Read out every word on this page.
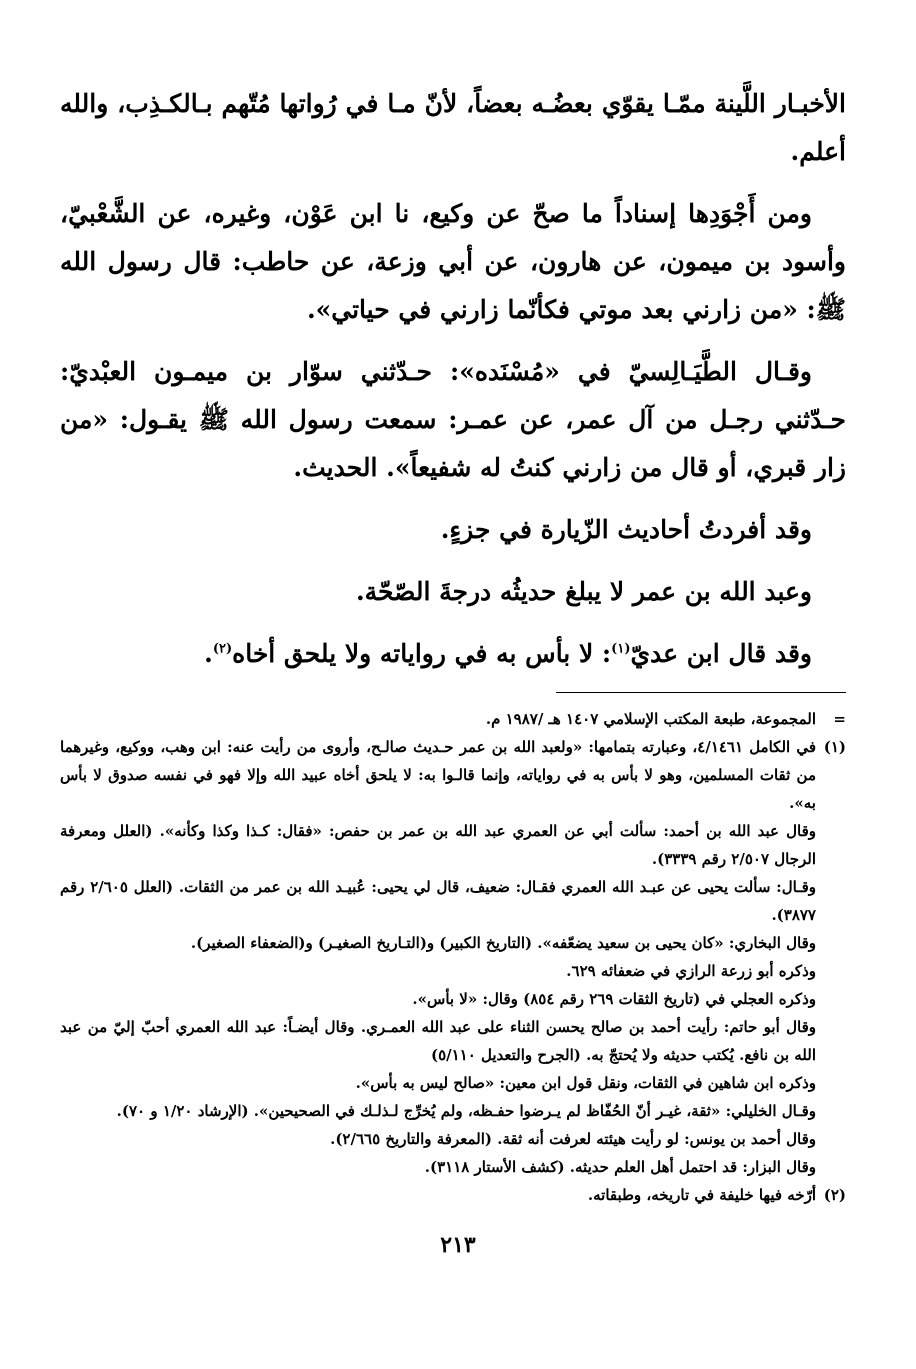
الأخبـار اللَّينة ممّـا يقوّي بعضُـه بعضاً، لأنّ مـا في رُواتها مُتّهم بـالكـذِب، والله أعلم.

ومن أَجْوَدِها إسناداً ما صحّ عن وكيع، نا ابن عَوْن، وغيره، عن الشَّعْبيّ، وأسود بن ميمون، عن هارون، عن أبي وزعة، عن حاطب: قال رسول الله ﷺ: «من زارني بعد موتي فكأنّما زارني في حياتي».

وقـال الطَّيَـالِسيّ في «مُسْنَده»: حـدّثني سوّار بن ميمـون العبْديّ: حـدّثني رجـل من آل عمر، عن عمـر: سمعت رسول الله ﷺ يقـول: «من زار قبري، أو قال من زارني كنتُ له شفيعاً». الحديث.

وقد أفردتُ أحاديث الزّيارة في جزءٍ.

وعبد الله بن عمر لا يبلغ حديثُه درجةَ الصّحّة.

وقد قال ابن عديّ$^{(١)}$: لا بأس به في رواياته ولا يلحق أخاه$^{(٢)}$.

=
المجموعة، طبعة المكتب الإسلامي ١٤٠٧ هـ /١٩٨٧ م.
(١)

في الكامل ٤/١٤٦١، وعبارته بتمامها: «ولعبد الله بن عمر حـديث صالـح، وأروى من رأيت عنه: ابن وهب، ووكيع، وغيرهما من ثقات المسلمين، وهو لا بأس به في رواياته، وإنما قالـوا به: لا يلحق أخاه عبيد الله وإلا فهو في نفسه صدوق لا بأس به».

وقال عبد الله بن أحمد: سألت أبي عن العمري عبد الله بن عمر بن حفص: «فقال: كـذا وكذا وكأنه». (العلل ومعرفة الرجال ٢/٥٠٧ رقم ٣٣٣٩).

وقـال: سألت يحيى عن عبـد الله العمري فقـال: ضعيف، قال لي يحيى: عُبيـد الله بن عمر من الثقات. (العلل ٢/٦٠٥ رقم ٣٨٧٧).

وقال البخاري: «كان يحيى بن سعيد يضعّفه». (التاريخ الكبير) و(التـاريخ الصغيـر) و(الضعفاء الصغير).

وذكره أبو زرعة الرازي في ضعفائه ٦٢٩.

وذكره العجلي في (تاريخ الثقات ٢٦٩ رقم ٨٥٤) وقال: «لا بأس».

وقال أبو حاتم: رأيت أحمد بن صالح يحسن الثناء على عبد الله العمـري. وقال أيضـاً: عبد الله العمري أحبّ إليّ من عبد الله بن نافع. يُكتب حديثه ولا يُحتجّ به. (الجرح والتعديل ٥/١١٠)

وذكره ابن شاهين في الثقات، ونقل قول ابن معين: «صالح ليس به بأس».

وقـال الخليلي: «ثقة، غيـر أنّ الحُفّاظ لم يـرضوا حفـظه، ولم يُخرِّج لـذلـك في الصحيحين». (الإرشاد ١/٢٠ و ٧٠).

وقال أحمد بن يونس: لو رأيت هيئته لعرفت أنه ثقة. (المعرفة والتاريخ ٢/٦٦٥).

وقال البزار: قد احتمل أهل العلم حديثه. (كشف الأستار ٣١١٨).

(٢)
أرّخه فيها خليفة في تاريخه، وطبقاته.
٢١٣
